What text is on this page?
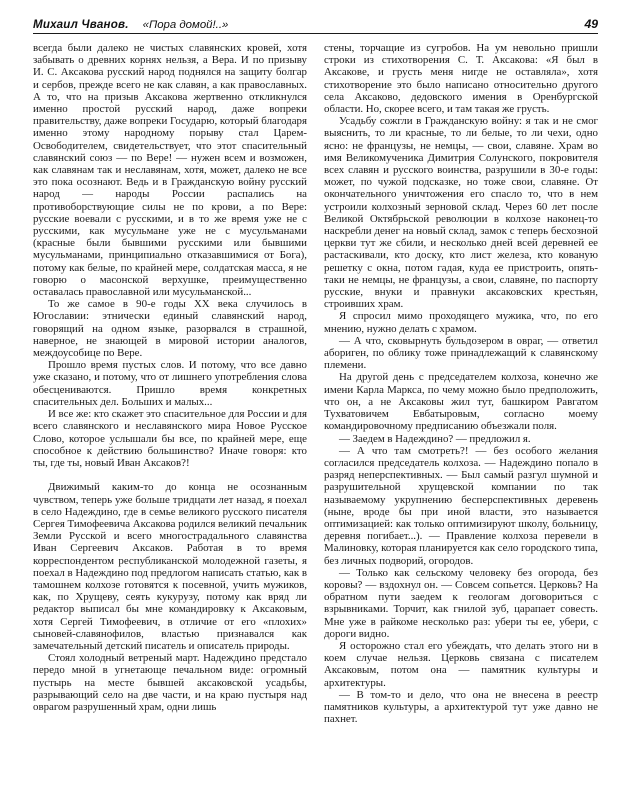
Михаил Чванов. «Пора домой!..»	49

всегда были далеко не чистых славянских кровей, хотя забывать о древних корнях нельзя, а Вера. И по призыву И. С. Аксакова русский народ поднялся на защиту болгар и сербов, прежде всего не как славян, а как православных. А то, что на призыв Аксакова жертвенно откликнулся именно простой русский народ, даже вопреки правительству, даже вопреки Государю, который благодаря именно этому народному порыву стал Царем-Освободителем, свидетельствует, что этот спасительный славянский союз — по Вере! — нужен всем и возможен, как славянам так и неславянам, хотя, может, далеко не все это пока осознают. Ведь и в Гражданскую войну русский народ — народы России распались на противоборствующие силы не по крови, а по Вере: русские воевали с русскими, и в то же время уже не с русскими, как мусульмане уже не с мусульманами (красные были бывшими русскими или бывшими мусульманами, принципиально отказавшимися от Бога), потому как белые, по крайней мере, солдатская масса, я не говорю о масонской верхушке, преимущественно оставалась православной или мусульманской...

То же самое в 90-е годы XX века случилось в Югославии: этнически единый славянский народ, говорящий на одном языке, разорвался в страшной, наверное, не знающей в мировой истории аналогов, междоусобице по Вере.

Прошло время пустых слов. И потому, что все давно уже сказано, и потому, что от лишнего употребления слова обесцениваются. Пришло время конкретных спасительных дел. Больших и малых...

И все же: кто скажет это спасительное для России и для всего славянского и неславянского мира Новое Русское Слово, которое услышали бы все, по крайней мере, еще способное к действию большинство? Иначе говоря: кто ты, где ты, новый Иван Аксаков?!

Движимый каким-то до конца не осознанным чувством, теперь уже больше тридцати лет назад, я поехал в село Надеждино, где в семье великого русского писателя Сергея Тимофеевича Аксакова родился великий печальник Земли Русской и всего многострадального славянства Иван Сергеевич Аксаков. Работая в то время корреспондентом республиканской молодежной газеты, я поехал в Надеждино под предлогом написать статью, как в тамошнем колхозе готовятся к посевной, учить мужиков, как, по Хрущеву, сеять кукурузу, потому как вряд ли редактор выписал бы мне командировку к Аксаковым, хотя Сергей Тимофеевич, в отличие от его «плохих» сыновей-славянофилов, властью признавался как замечательный детский писатель и описатель природы.

Стоял холодный ветреный март. Надеждино предстало передо мной в угнетающе печальном виде: огромный пустырь на месте бывшей аксаковской усадьбы, разрывающий село на две части, и на краю пустыря над оврагом разрушенный храм, одни лишь

стены, торчащие из сугробов. На ум невольно пришли строки из стихотворения С. Т. Аксакова: «Я был в Аксакове, и грусть меня нигде не оставляла», хотя стихотворение это было написано относительно другого села Аксаково, дедовского имения в Оренбургской области. Но, скорее всего, и там такая же грусть.

Усадьбу сожгли в Гражданскую войну: я так и не смог выяснить, то ли красные, то ли белые, то ли чехи, одно ясно: не французы, не немцы, — свои, славяне. Храм во имя Великомученика Димитрия Солунского, покровителя всех славян и русского воинства, разрушили в 30-е годы: может, по чужой подсказке, но тоже свои, славяне. От окончательного уничтожения его спасло то, что в нем устроили колхозный зерновой склад. Через 60 лет после Великой Октябрьской революции в колхозе наконец-то наскребли денег на новый склад, замок с теперь бесхозной церкви тут же сбили, и несколько дней всей деревней ее растаскивали, кто доску, кто лист железа, кто кованую решетку с окна, потом гадая, куда ее пристроить, опять-таки не немцы, не французы, а свои, славяне, по паспорту русские, внуки и правнуки аксаковских крестьян, строивших храм.

Я спросил мимо проходящего мужика, что, по его мнению, нужно делать с храмом.

— А что, сковырнуть бульдозером в овраг, — ответил абориген, по облику тоже принадлежащий к славянскому племени.

На другой день с председателем колхоза, конечно же имени Карла Маркса, по чему можно было предположить, что он, а не Аксаковы жил тут, башкиром Равгатом Тухватовичем Евбатыровым, согласно моему командировочному предписанию объезжали поля.

— Заедем в Надеждино? — предложил я.

— А что там смотреть?! — без особого желания согласился председатель колхоза. — Надеждино попало в разряд неперспективных. — Был самый разгул шумной и разрушительной хрущевской компании по так называемому укрупнению бесперспективных деревень (ныне, вроде бы при иной власти, это называется оптимизацией: как только оптимизируют школу, больницу, деревня погибает...). — Правление колхоза перевели в Малиновку, которая планируется как село городского типа, без личных подворий, огородов.

— Только как сельскому человеку без огорода, без коровы? — вздохнул он. — Совсем сопьется. Церковь? На обратном пути заедем к геологам договориться с взрывниками. Торчит, как гнилой зуб, царапает совесть. Мне уже в райкоме несколько раз: убери ты ее, убери, с дороги видно.

Я осторожно стал его убеждать, что делать этого ни в коем случае нельзя. Церковь связана с писателем Аксаковым, потом она — памятник культуры и архитектуры.

— В том-то и дело, что она не внесена в реестр памятников культуры, а архитектурой тут уже давно не пахнет.
